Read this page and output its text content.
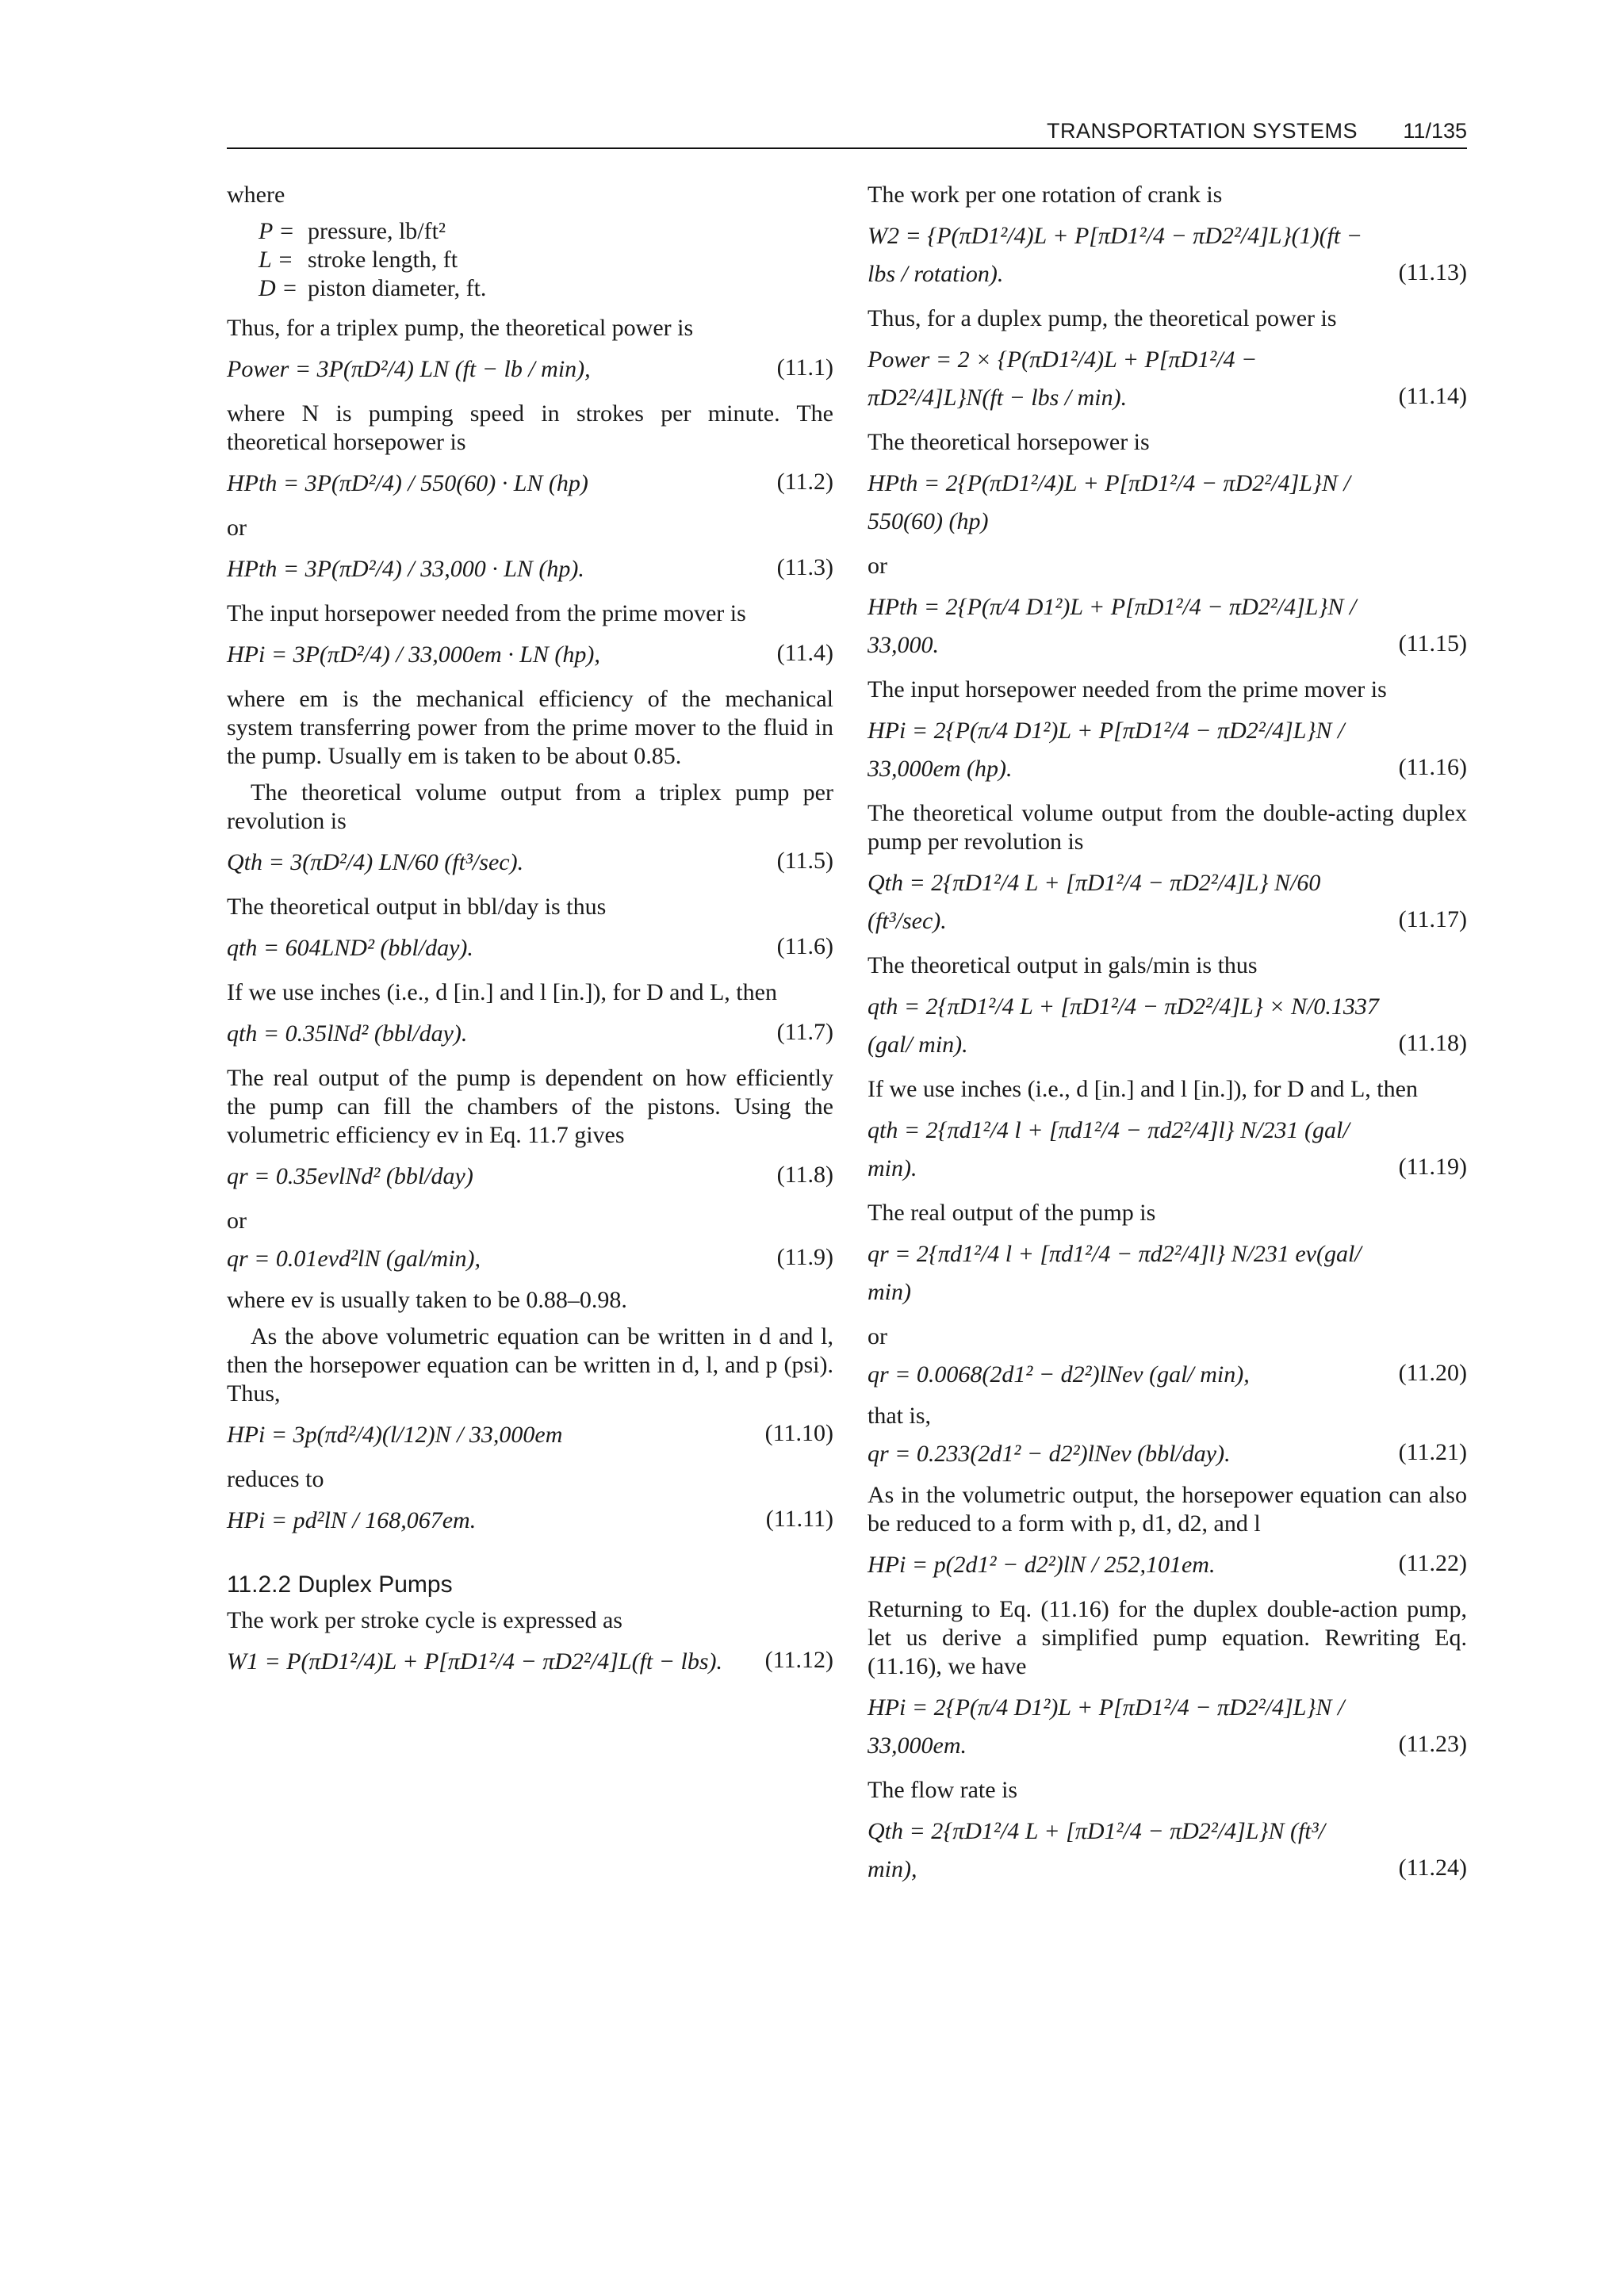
TRANSPORTATION SYSTEMS 11/135

where

P = pressure, lb/ft²
L = stroke length, ft
D = piston diameter, ft.

Thus, for a triplex pump, the theoretical power is

Power = 3P(πD²/4) LN (ft − lb / min),	(11.1)

where N is pumping speed in strokes per minute. The theoretical horsepower is

HPth = 3P(πD²/4) / 550(60) · LN (hp)	(11.2)

or

HPth = 3P(πD²/4) / 33,000 · LN (hp).	(11.3)

The input horsepower needed from the prime mover is

HPi = 3P(πD²/4) / 33,000em · LN (hp),	(11.4)

where em is the mechanical efficiency of the mechanical system transferring power from the prime mover to the fluid in the pump. Usually em is taken to be about 0.85.

The theoretical volume output from a triplex pump per revolution is

Qth = 3(πD²/4) LN/60 (ft³/sec).	(11.5)

The theoretical output in bbl/day is thus

qth = 604LND² (bbl/day).	(11.6)

If we use inches (i.e., d [in.] and l [in.]), for D and L, then

qth = 0.35lNd² (bbl/day).	(11.7)

The real output of the pump is dependent on how efficiently the pump can fill the chambers of the pistons. Using the volumetric efficiency ev in Eq. 11.7 gives

qr = 0.35evlNd² (bbl/day)	(11.8)

or

qr = 0.01evd²lN (gal/min),	(11.9)

where ev is usually taken to be 0.88–0.98.

As the above volumetric equation can be written in d and l, then the horsepower equation can be written in d, l, and p (psi). Thus,

HPi = 3p(πd²/4)(l/12)N / 33,000em	(11.10)

reduces to

HPi = pd²lN / 168,067em.	(11.11)
11.2.2 Duplex Pumps

The work per stroke cycle is expressed as

W1 = P(πD1²/4)L + P[πD1²/4 − πD2²/4]L(ft − lbs). (11.12)

The work per one rotation of crank is

W2 = {P(πD1²/4)L + P[πD1²/4 − πD2²/4]L}(1)(ft − lbs / rotation).	(11.13)

Thus, for a duplex pump, the theoretical power is

Power = 2 × {P(πD1²/4)L + P[πD1²/4 − πD2²/4]L}N(ft − lbs / min).	(11.14)

The theoretical horsepower is

HPth = 2{P(πD1²/4)L + P[πD1²/4 − πD2²/4]L}N / 550(60) (hp)

or

HPth = 2{P(π/4 D1²)L + P[πD1²/4 − πD2²/4]L}N / 33,000.	(11.15)

The input horsepower needed from the prime mover is

HPi = 2{P(π/4 D1²)L + P[πD1²/4 − πD2²/4]L}N / 33,000em (hp).	(11.16)

The theoretical volume output from the double-acting duplex pump per revolution is

Qth = 2{πD1²/4 L + [πD1²/4 − πD2²/4]L} N/60 (ft³/sec).	(11.17)

The theoretical output in gals/min is thus

qth = 2{πD1²/4 L + [πD1²/4 − πD2²/4]L} × N/0.1337 (gal/ min).	(11.18)

If we use inches (i.e., d [in.] and l [in.]), for D and L, then

qth = 2{πd1²/4 l + [πd1²/4 − πd2²/4]l} N/231 (gal/ min).	(11.19)

The real output of the pump is

qr = 2{πd1²/4 l + [πd1²/4 − πd2²/4]l} N/231 ev(gal/ min)

or

qr = 0.0068(2d1² − d2²)lNev (gal/ min),	(11.20)

that is,

qr = 0.233(2d1² − d2²)lNev (bbl/day).	(11.21)

As in the volumetric output, the horsepower equation can also be reduced to a form with p, d1, d2, and l

HPi = p(2d1² − d2²)lN / 252,101em.	(11.22)

Returning to Eq. (11.16) for the duplex double-action pump, let us derive a simplified pump equation. Rewriting Eq. (11.16), we have

HPi = 2{P(π/4 D1²)L + P[πD1²/4 − πD2²/4]L}N / 33,000em.	(11.23)

The flow rate is

Qth = 2{πD1²/4 L + [πD1²/4 − πD2²/4]L}N (ft³/ min),	(11.24)
